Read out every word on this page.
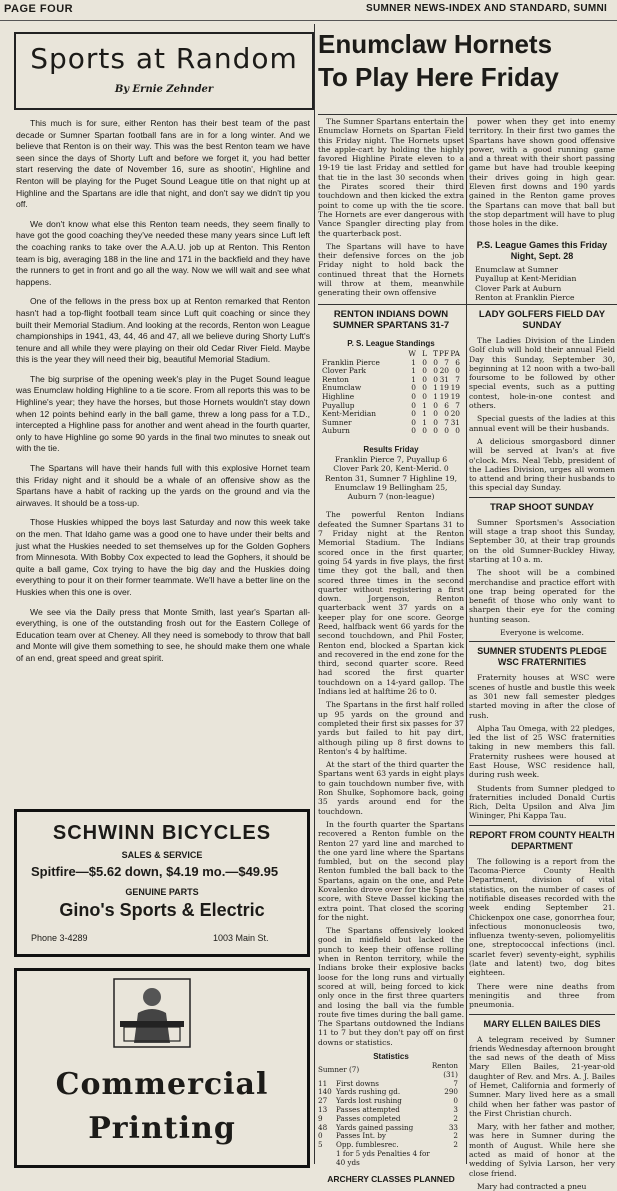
PAGE FOUR	SUMNER NEWS-INDEX AND STANDARD, SUMNI
Sports at Random
By Ernie Zehnder

This much is for sure, either Renton has their best team of the past decade or Sumner Spartan football fans are in for a long winter. And we believe that Renton is on their way. This was the best Renton team we have seen since the days of Shorty Luft and before we forget it, you had better start reserving the date of November 16, sure as shootin', Highline and Renton will be playing for the Puget Sound League title on that night up at Highline and the Spartans are idle that night, and don't say we didn't tip you off.

We don't know what else this Renton team needs, they seem finally to have got the good coaching they've needed these many years since Luft left the coaching ranks to take over the A.A.U. job up at Renton. This Renton team is big, averaging 188 in the line and 171 in the backfield and they have the runners to get in front and go all the way. Now we will wait and see what happens.

One of the fellows in the press box up at Renton remarked that Renton hasn't had a top-flight football team since Luft quit coaching or since they built their Memorial Stadium. And looking at the records, Renton won League championships in 1941, 43, 44, 46 and 47, all we believe during Shorty Luft's tenure and all while they were playing on their old Cedar River Field. Maybe this is the year they will need their big, beautiful Memorial Stadium.

The big surprise of the opening week's play in the Puget Sound league was Enumclaw holding Highline to a tie score. From all reports this was to be Highline's year; they have the horses, but those Hornets wouldn't stay down when 12 points behind early in the ball game, threw a long pass for a T.D., intercepted a Highline pass for another and went ahead in the fourth quarter, only to have Highline go some 90 yards in the final two minutes to sneak out with the tie.

The Spartans will have their hands full with this explosive Hornet team this Friday night and it should be a whale of an offensive show as the Spartans have a habit of racking up the yards on the ground and via the airwaves. It should be a toss-up.

Those Huskies whipped the boys last Saturday and now this week take on the men. That Idaho game was a good one to have under their belts and just what the Huskies needed to set themselves up for the Golden Gophers from Minnesota. With Bobby Cox expected to lead the Gophers, it should be quite a ball game, Cox trying to have the big day and the Huskies doing everything to pour it on their former teammate. We'll have a better line on the Huskies when this one is over.

We see via the Daily press that Monte Smith, last year's Spartan all-everything, is one of the outstanding frosh out for the Eastern College of Education team over at Cheney. All they need is somebody to throw that ball and Monte will give them something to see, he should make them one whale of an end, great speed and great spirit.

SCHWINN BICYCLES
SALES & SERVICE
Spitfire—$5.62 down, $4.19 mo.—$49.95
GENUINE PARTS
Gino's Sports & Electric
Phone 3-4289	1003 Main St.
Commercial
Printing
Enumclaw Hornets
To Play Here Friday

The Sumner Spartans entertain the Enumclaw Hornets on Spartan Field this Friday night. The Hornets upset the apple-cart by holding the highly favored Highline Pirate eleven to a 19-19 tie last Friday and settled for that tie in the last 30 seconds when the Pirates scored their third touchdown and then kicked the extra point to come up with the tie score. The Hornets are ever dangerous with Vance Spangler directing play from the quarterback post.

The Spartans will have to have their defensive forces on the job Friday night to hold back the continued threat that the Hornets will throw at them, meanwhile generating their own offensive

power when they get into enemy territory. In their first two games the Spartans have shown good offensive power, with a good running game and a threat with their short passing game but have had trouble keeping their drives going in high gear. Eleven first downs and 190 yards gained in the Renton game proves the Spartans can move that ball but the stop department will have to plug those holes in the dike.

P.S. League Games this Friday Night, Sept. 28
Enumclaw at Sumner
Puyallup at Kent-Meridian
Clover Park at Auburn
Renton at Franklin Pierce
RENTON INDIANS DOWN SUMNER SPARTANS 31-7
P. S. League Standings
	W	L	T	PF	PA
Franklin Pierce	1	0	0	7	6
Clover Park	1	0	0	20	0
Renton	1	0	0	31	7
Enumclaw	0	0	1	19	19
Highline	0	0	1	19	19
Puyallup	0	1	0	6	7
Kent-Meridian	0	1	0	0	20
Sumner	0	1	0	7	31
Auburn	0	0	0	0	0
Results Friday
Franklin Pierce 7, Puyallup 6 Clover Park 20, Kent-Merid. 0 Renton 31, Sumner 7 Highline 19, Enumclaw 19 Bellingham 25, Auburn 7 (non-league)

The powerful Renton Indians defeated the Sumner Spartans 31 to 7 Friday night at the Renton Memorial Stadium. The Indians scored once in the first quarter, going 54 yards in five plays, the first time they got the ball, and then scored three times in the second quarter without registering a first down. Jorgenson, Renton quarterback went 37 yards on a keeper play for one score. George Reed, halfback went 66 yards for the second touchdown, and Phil Foster, Renton end, blocked a Spartan kick and recovered in the end zone for the third, second quarter score. Reed had scored the first quarter touchdown on a 14-yard gallop. The Indians led at halftime 26 to 0.

The Spartans in the first half rolled up 95 yards on the ground and completed their first six passes for 37 yards but failed to hit pay dirt, although piling up 8 first downs to Renton's 4 by halftime.

At the start of the third quarter the Spartans went 63 yards in eight plays to gain touchdown number five, with Ron Shulke, Sophomore back, going 35 yards around end for the touchdown.

In the fourth quarter the Spartans recovered a Renton fumble on the Renton 27 yard line and marched to the one yard line where the Spartans fumbled, but on the second play Renton fumbled the ball back to the Spartans, again on the one, and Pete Kovalenko drove over for the Spartan score, with Steve Dassel kicking the extra point. That closed the scoring for the night.

The Spartans offensively looked good in midfield but lacked the punch to keep their offense rolling when in Renton territory, while the Indians broke their explosive backs loose for the long runs and virtually scored at will, being forced to kick only once in the first three quarters and losing the ball via the fumble route five times during the ball game. The Spartans outdowned the Indians 11 to 7 but they don't pay off on first downs or statistics.

Statistics
Sumner (7)		Renton (31)
11	First downs	7
140	Yards rushing gd.	290
27	Yards lost rushing	0
13	Passes attempted	3
9	Passes completed	2
48	Yards gained passing	33
0	Passes Int. by	2
5	Opp. fumblesrec.	2
	1 for 5 yds Penalties 4 for 40 yds	
ARCHERY CLASSES PLANNED
LADY GOLFERS FIELD DAY SUNDAY

The Ladies Division of the Linden Golf club will hold their annual Field Day this Sunday, September 30, beginning at 12 noon with a two-ball foursome to be followed by other special events, such as a putting contest, hole-in-one contest and others.

Special guests of the ladies at this annual event will be their husbands.

A delicious smorgasbord dinner will be served at Ivan's at five o'clock. Mrs. Neal Tebb, president of the Ladies Division, urges all women to attend and bring their husbands to this special day Sunday.

TRAP SHOOT SUNDAY

Sumner Sportsmen's Association will stage a trap shoot this Sunday, September 30, at their trap grounds on the old Sumner-Buckley Hiway, starting at 10 a. m.

The shoot will be a combined merchandise and practice effort with one trap being operated for the benefit of those who only want to sharpen their eye for the coming hunting season.

Everyone is welcome.
SUMNER STUDENTS PLEDGE WSC FRATERNITIES

Fraternity houses at WSC were scenes of hustle and bustle this week as 301 new fall semester pledges started moving in after the close of rush.

Alpha Tau Omega, with 22 pledges, led the list of 25 WSC fraternities taking in new members this fall. Fraternity rushees were housed at East House, WSC residence hall, during rush week.

Students from Sumner pledged to fraternities included Donald Curtis Rich, Delta Upsilon and Alva Jim Wininger, Phi Kappa Tau.

REPORT FROM COUNTY HEALTH DEPARTMENT

The following is a report from the Tacoma-Pierce County Health Department, division of vital statistics, on the number of cases of notifiable diseases recorded with the week ending September 21. Chickenpox one case, gonorrhea four, infectious mononucleosis two, influenza twenty-seven, poliomyelitis one, streptococcal infections (incl. scarlet fever) seventy-eight, syphilis (late and latent) two, dog bites eighteen.

There were nine deaths from meningitis and three from pneumonia.

MARY ELLEN BAILES DIES

A telegram received by Sumner friends Wednesday afternoon brought the sad news of the death of Miss Mary Ellen Bailes, 21-year-old daughter of Rev. and Mrs. A. J. Bailes of Hemet, California and formerly of Sumner. Mary lived here as a small child when her father was pastor of the First Christian church.

Mary, with her father and mother, was here in Sumner during the month of August. While here she acted as maid of honor at the wedding of Sylvia Larson, her very close friend.

Mary had contracted a pneu
